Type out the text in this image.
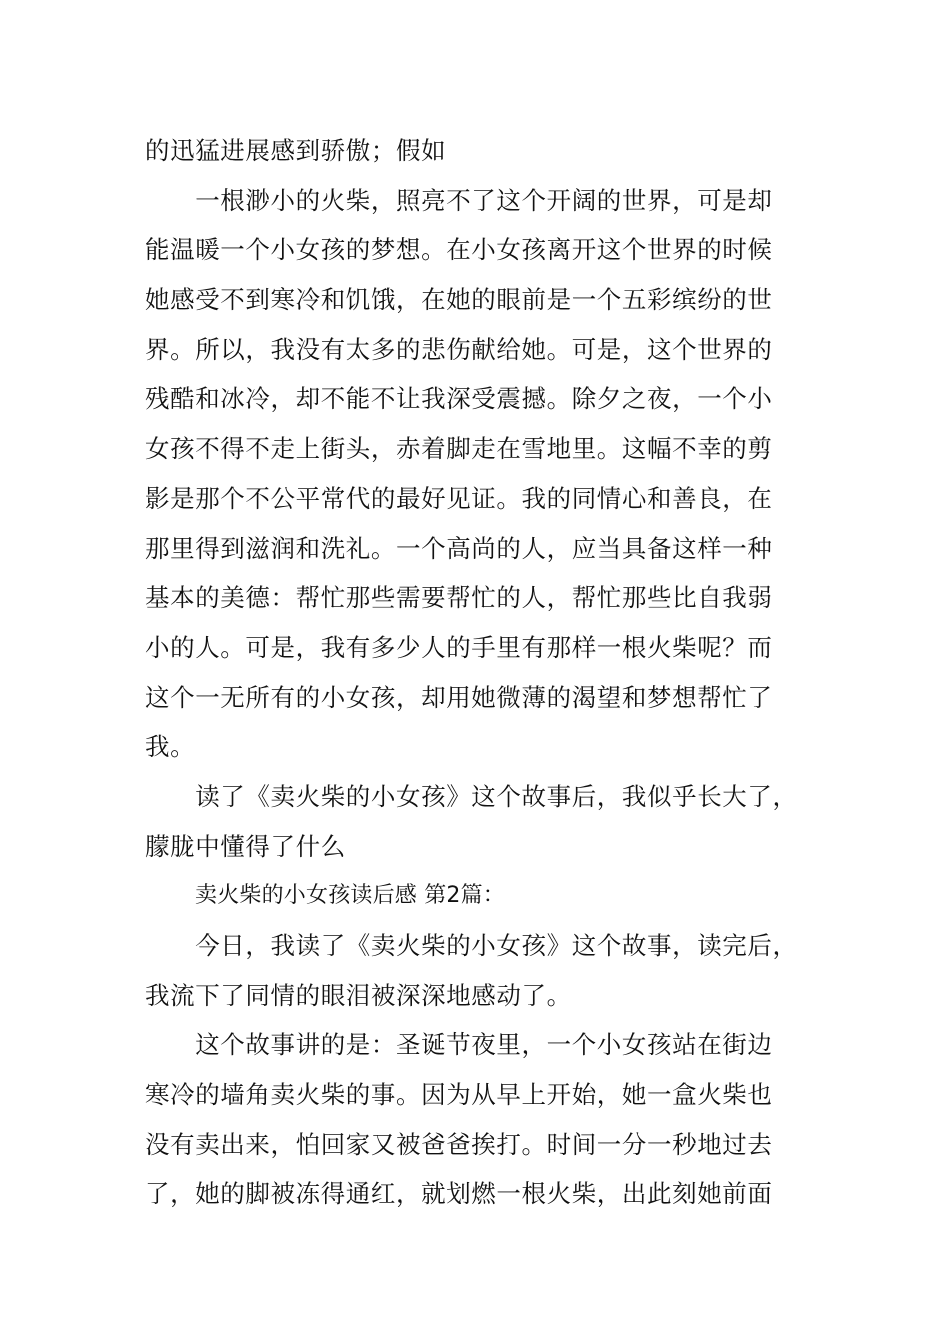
的迅猛进展感到骄傲；假如

　　一根渺小的火柴，照亮不了这个开阔的世界，可是却
能温暖一个小女孩的梦想。在小女孩离开这个世界的时候
她感受不到寒冷和饥饿，在她的眼前是一个五彩缤纷的世
界。所以，我没有太多的悲伤献给她。可是，这个世界的
残酷和冰冷，却不能不让我深受震撼。除夕之夜，一个小
女孩不得不走上街头，赤着脚走在雪地里。这幅不幸的剪
影是那个不公平常代的最好见证。我的同情心和善良，在
那里得到滋润和洗礼。一个高尚的人，应当具备这样一种
基本的美德：帮忙那些需要帮忙的人，帮忙那些比自我弱
小的人。可是，我有多少人的手里有那样一根火柴呢？而
这个一无所有的小女孩，却用她微薄的渴望和梦想帮忙了
我。

　　读了《卖火柴的小女孩》这个故事后，我似乎长大了，
朦胧中懂得了什么

卖火柴的小女孩读后感 第2篇：

　　今日，我读了《卖火柴的小女孩》这个故事，读完后，
我流下了同情的眼泪被深深地感动了。

　　这个故事讲的是：圣诞节夜里，一个小女孩站在街边
寒冷的墙角卖火柴的事。因为从早上开始，她一盒火柴也
没有卖出来，怕回家又被爸爸挨打。时间一分一秒地过去
了，她的脚被冻得通红，就划燃一根火柴，出此刻她前面
